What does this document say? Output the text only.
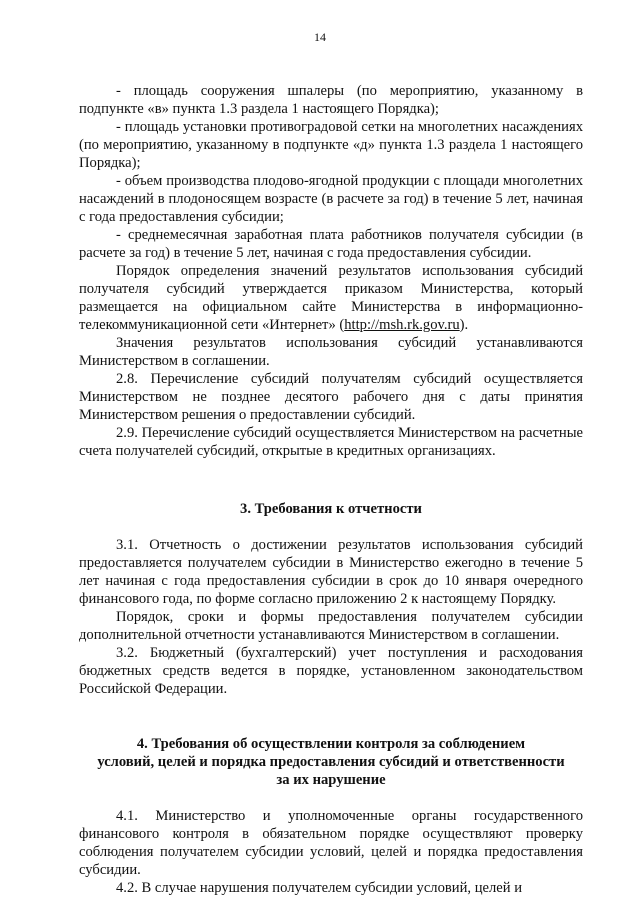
14

- площадь сооружения шпалеры (по мероприятию, указанному в подпункте «в» пункта 1.3 раздела 1 настоящего Порядка);

- площадь установки противоградовой сетки на многолетних насаждениях (по мероприятию, указанному в подпункте «д» пункта 1.3 раздела 1 настоящего Порядка);

- объем производства плодово-ягодной продукции с площади многолетних насаждений в плодоносящем возрасте (в расчете за год) в течение 5 лет, начиная с года предоставления субсидии;

- среднемесячная заработная плата работников получателя субсидии (в расчете за год) в течение 5 лет, начиная с года предоставления субсидии.

Порядок определения значений результатов использования субсидий получателя субсидий утверждается приказом Министерства, который размещается на официальном сайте Министерства в информационно-телекоммуникационной сети «Интернет» (http://msh.rk.gov.ru).

Значения результатов использования субсидий устанавливаются Министерством в соглашении.

2.8. Перечисление субсидий получателям субсидий осуществляется Министерством не позднее десятого рабочего дня с даты принятия Министерством решения о предоставлении субсидий.

2.9. Перечисление субсидий осуществляется Министерством на расчетные счета получателей субсидий, открытые в кредитных организациях.

3. Требования к отчетности

3.1. Отчетность о достижении результатов использования субсидий предоставляется получателем субсидии в Министерство ежегодно в течение 5 лет начиная с года предоставления субсидии в срок до 10 января очередного финансового года, по форме согласно приложению 2 к настоящему Порядку.

Порядок, сроки и формы предоставления получателем субсидии дополнительной отчетности устанавливаются Министерством в соглашении.

3.2. Бюджетный (бухгалтерский) учет поступления и расходования бюджетных средств ведется в порядке, установленном законодательством Российской Федерации.

4. Требования об осуществлении контроля за соблюдением
условий, целей и порядка предоставления субсидий и ответственности
за их нарушение

4.1. Министерство и уполномоченные органы государственного финансового контроля в обязательном порядке осуществляют проверку соблюдения получателем субсидии условий, целей и порядка предоставления субсидии.

4.2. В случае нарушения получателем субсидии условий, целей и
